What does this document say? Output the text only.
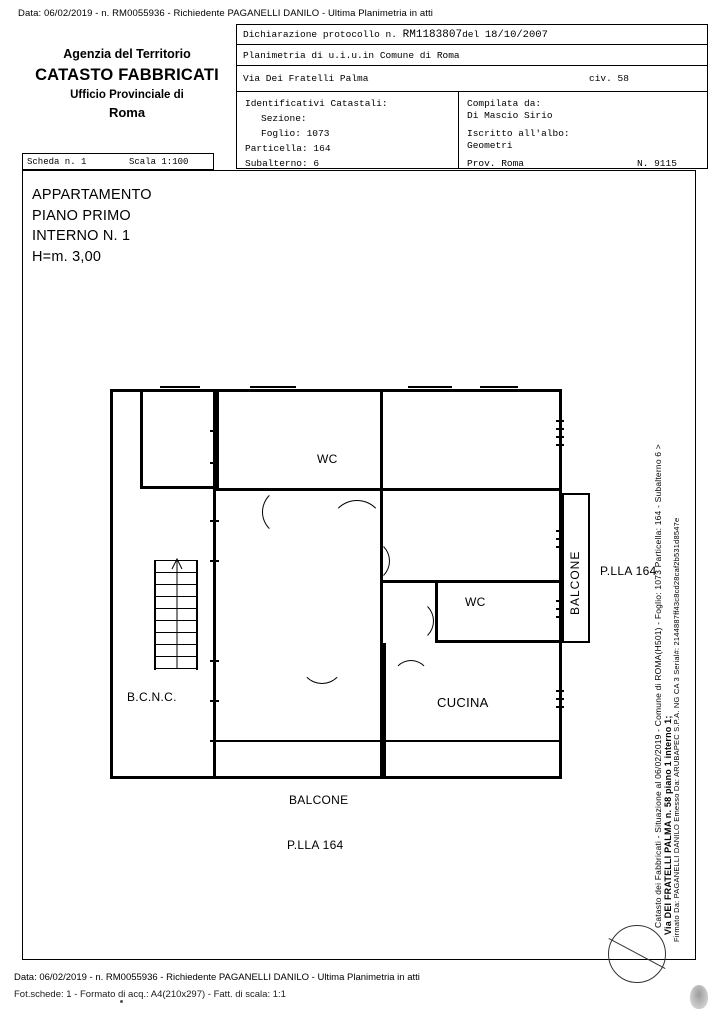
Data: 06/02/2019 - n. RM0055936 - Richiedente PAGANELLI DANILO - Ultima Planimetria in atti
Data: 06/02/2019 - n. RM0055936 - Richiedente PAGANELLI DANILO - Ultima Planimetria in atti
Fot.schede: 1 - Formato di acq.: A4(210x297) - Fatt. di scala: 1:1
Agenzia del Territorio
CATASTO FABBRICATI
Ufficio Provinciale di
Roma
Scheda n. 1	Scala 1:100
Dichiarazione protocollo n. RM1183807del 18/10/2007
Planimetria di u.i.u.in Comune di Roma
Via Dei Fratelli Palma	civ. 58
Identificativi Catastali:
Sezione:
Foglio: 1073
Particella: 164
Subalterno: 6
Compilata da:
Di Mascio Sirio
Iscritto all'albo:
Geometri
Prov. Roma	N. 9115
APPARTAMENTO
PIANO PRIMO
INTERNO N. 1
H=m. 3,00
WC
WC
CUCINA
B.C.N.C.
BALCONE
BALCONE P.LLA 164
P.LLA 164	Catasto dei Fabbricati - Situazione al 06/02/2019 - Comune di ROMA(H501) - Foglio: 1073 Particella: 164 - Subalterno 6 > Via DEI FRATELLI PALMA n. 58 piano 1 interno 1; Firmato Da: PAGANELLI DANILO Emesso Da: ARUBAPEC S.P.A. NG CA 3 Serial#: 2144887ff43c8cd28caf2b531d8547e
